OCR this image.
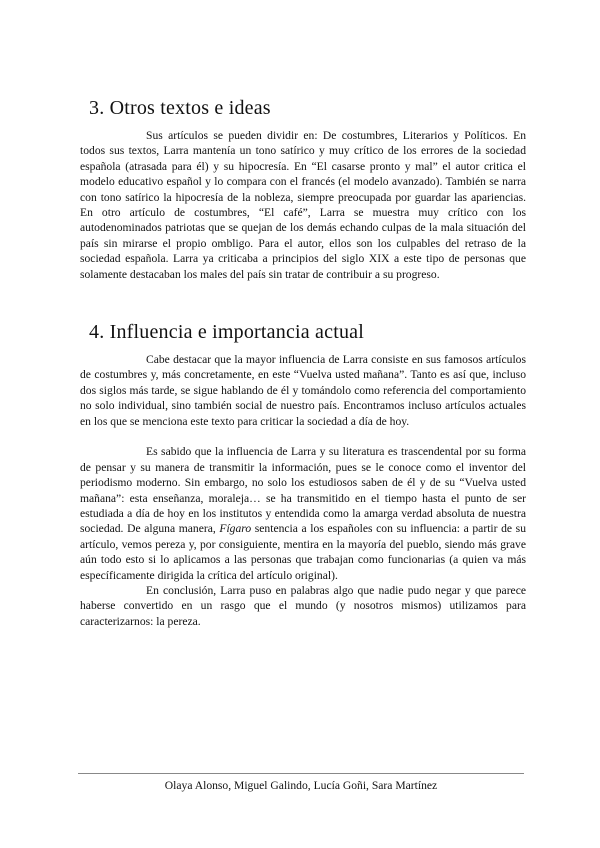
3. Otros textos e ideas

Sus artículos se pueden dividir en: De costumbres, Literarios y Políticos. En todos sus textos, Larra mantenía un tono satírico y muy crítico de los errores de la sociedad española (atrasada para él) y su hipocresía. En “El casarse pronto y mal” el autor critica el modelo educativo español y lo compara con el francés (el modelo avanzado). También se narra con tono satírico la hipocresía de la nobleza, siempre preocupada por guardar las apariencias. En otro artículo de costumbres, “El café”, Larra se muestra muy crítico con los autodenominados patriotas que se quejan de los demás echando culpas de la mala situación del país sin mirarse el propio ombligo. Para el autor, ellos son los culpables del retraso de la sociedad española. Larra ya criticaba a principios del siglo XIX a este tipo de personas que solamente destacaban los males del país sin tratar de contribuir a su progreso.

4. Influencia e importancia actual

Cabe destacar que la mayor influencia de Larra consiste en sus famosos artículos de costumbres y, más concretamente, en este “Vuelva usted mañana”. Tanto es así que, incluso dos siglos más tarde, se sigue hablando de él y tomándolo como referencia del comportamiento no solo individual, sino también social de nuestro país. Encontramos incluso artículos actuales en los que se menciona este texto para criticar la sociedad a día de hoy.

Es sabido que la influencia de Larra y su literatura es trascendental por su forma de pensar y su manera de transmitir la información, pues se le conoce como el inventor del periodismo moderno. Sin embargo, no solo los estudiosos saben de él y de su “Vuelva usted mañana”: esta enseñanza, moraleja… se ha transmitido en el tiempo hasta el punto de ser estudiada a día de hoy en los institutos y entendida como la amarga verdad absoluta de nuestra sociedad. De alguna manera, Fígaro sentencia a los españoles con su influencia: a partir de su artículo, vemos pereza y, por consiguiente, mentira en la mayoría del pueblo, siendo más grave aún todo esto si lo aplicamos a las personas que trabajan como funcionarias (a quien va más específicamente dirigida la crítica del artículo original).

En conclusión, Larra puso en palabras algo que nadie pudo negar y que parece haberse convertido en un rasgo que el mundo (y nosotros mismos) utilizamos para caracterizarnos: la pereza.

Olaya Alonso, Miguel Galindo, Lucía Goñi, Sara Martínez
